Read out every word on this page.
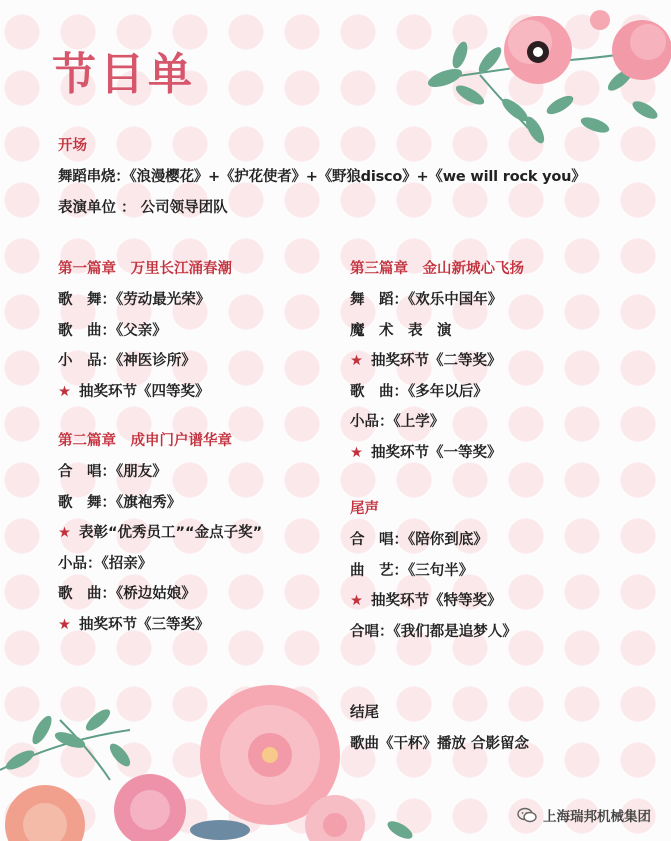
节目单
开场
舞蹈串烧：《浪漫樱花》+《护花使者》+《野狼disco》+《we will rock you》
表演单位 ： 公司领导团队
第一篇章　万里长江涌春潮
歌　舞：《劳动最光荣》
歌　曲：《父亲》
小　品：《神医诊所》
★ 抽奖环节《四等奖》
第二篇章　成申门户谱华章
合　唱：《朋友》
歌　舞：《旗袍秀》
★ 表彰“优秀员工”“金点子奖”
小品：《招亲》
歌　曲：《桥边姑娘》
★ 抽奖环节《三等奖》
第三篇章　金山新城心飞扬
舞　蹈：《欢乐中国年》
魔　术　表　演
★ 抽奖环节《二等奖》
歌　曲：《多年以后》
小品：《上学》
★ 抽奖环节《一等奖》
尾声
合　唱：《陪你到底》
曲　艺：《三句半》
★ 抽奖环节《特等奖》
合唱：《我们都是追梦人》
结尾
歌曲《干杯》播放 合影留念
上海瑞邦机械集团
